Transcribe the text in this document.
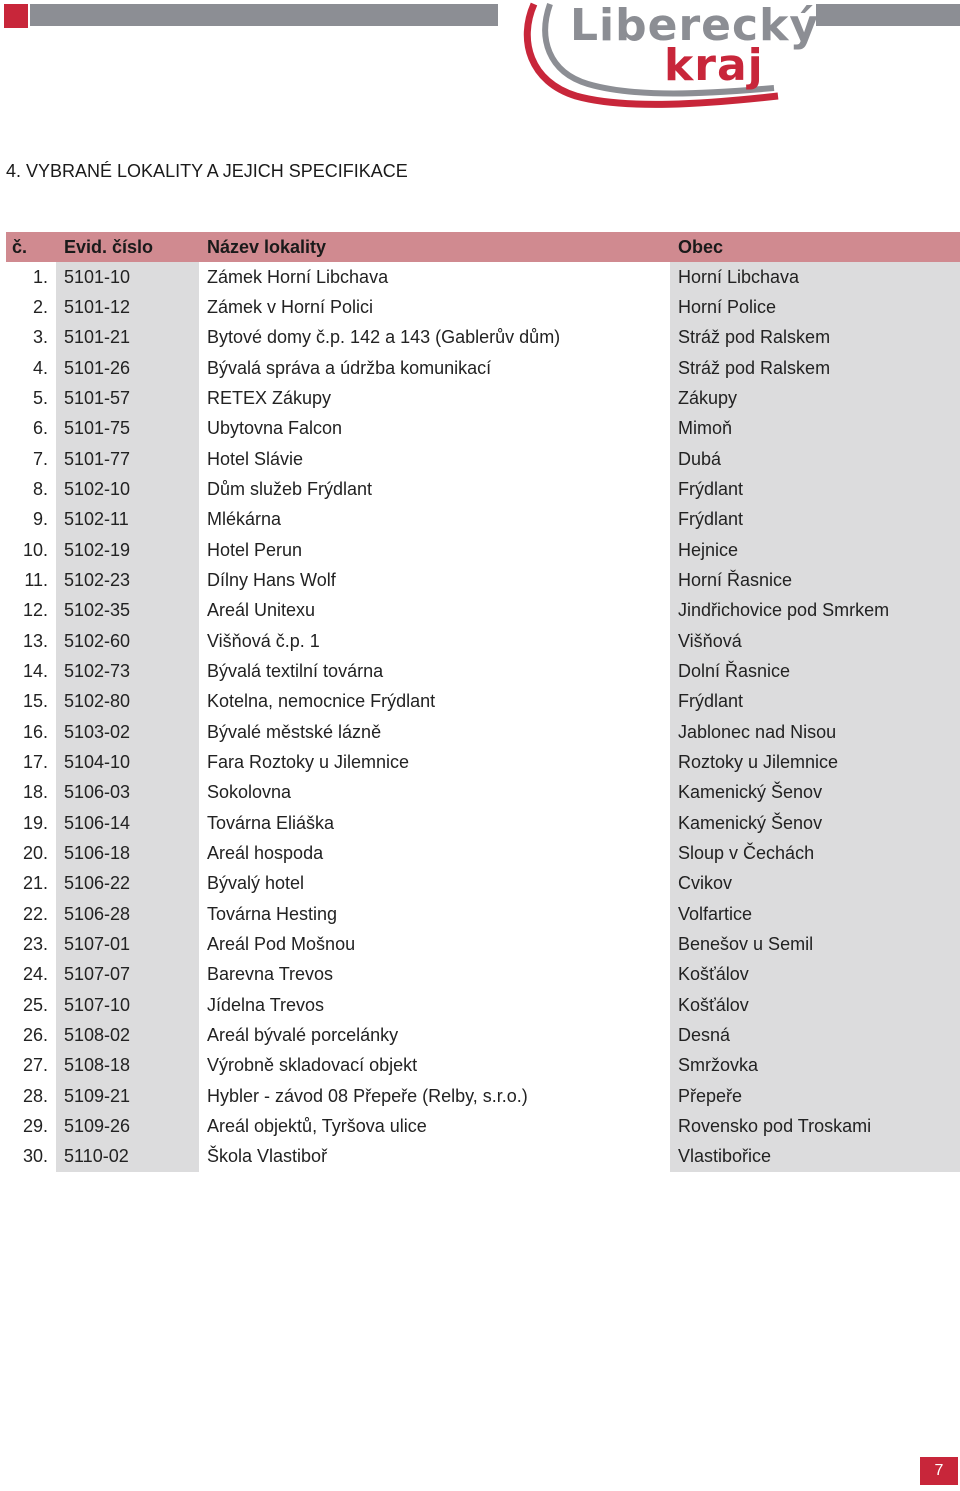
Liberecký
kraj
4. VYBRANÉ LOKALITY A JEJICH SPECIFIKACE
č.	Evid. číslo	Název lokality	Obec
1.	5101-10	Zámek Horní Libchava	Horní Libchava
2.	5101-12	Zámek v Horní Polici	Horní Police
3.	5101-21	Bytové domy č.p. 142 a 143 (Gablerův dům)	Stráž pod Ralskem
4.	5101-26	Bývalá správa a údržba komunikací	Stráž pod Ralskem
5.	5101-57	RETEX Zákupy	Zákupy
6.	5101-75	Ubytovna Falcon	Mimoň
7.	5101-77	Hotel Slávie	Dubá
8.	5102-10	Dům služeb Frýdlant	Frýdlant
9.	5102-11	Mlékárna	Frýdlant
10.	5102-19	Hotel Perun	Hejnice
11.	5102-23	Dílny Hans Wolf	Horní Řasnice
12.	5102-35	Areál Unitexu	Jindřichovice pod Smrkem
13.	5102-60	Višňová č.p. 1	Višňová
14.	5102-73	Bývalá textilní továrna	Dolní Řasnice
15.	5102-80	Kotelna, nemocnice Frýdlant	Frýdlant
16.	5103-02	Bývalé městské lázně	Jablonec nad Nisou
17.	5104-10	Fara Roztoky u Jilemnice	Roztoky u Jilemnice
18.	5106-03	Sokolovna	Kamenický Šenov
19.	5106-14	Továrna Eliáška	Kamenický Šenov
20.	5106-18	Areál hospoda	Sloup v Čechách
21.	5106-22	Bývalý hotel	Cvikov
22.	5106-28	Továrna Hesting	Volfartice
23.	5107-01	Areál Pod Mošnou	Benešov u Semil
24.	5107-07	Barevna Trevos	Košťálov
25.	5107-10	Jídelna Trevos	Košťálov
26.	5108-02	Areál bývalé porcelánky	Desná
27.	5108-18	Výrobně skladovací objekt	Smržovka
28.	5109-21	Hybler - závod 08 Přepeře (Relby, s.r.o.)	Přepeře
29.	5109-26	Areál objektů, Tyršova ulice	Rovensko pod Troskami
30.	5110-02	Škola Vlastiboř	Vlastibořice
7
